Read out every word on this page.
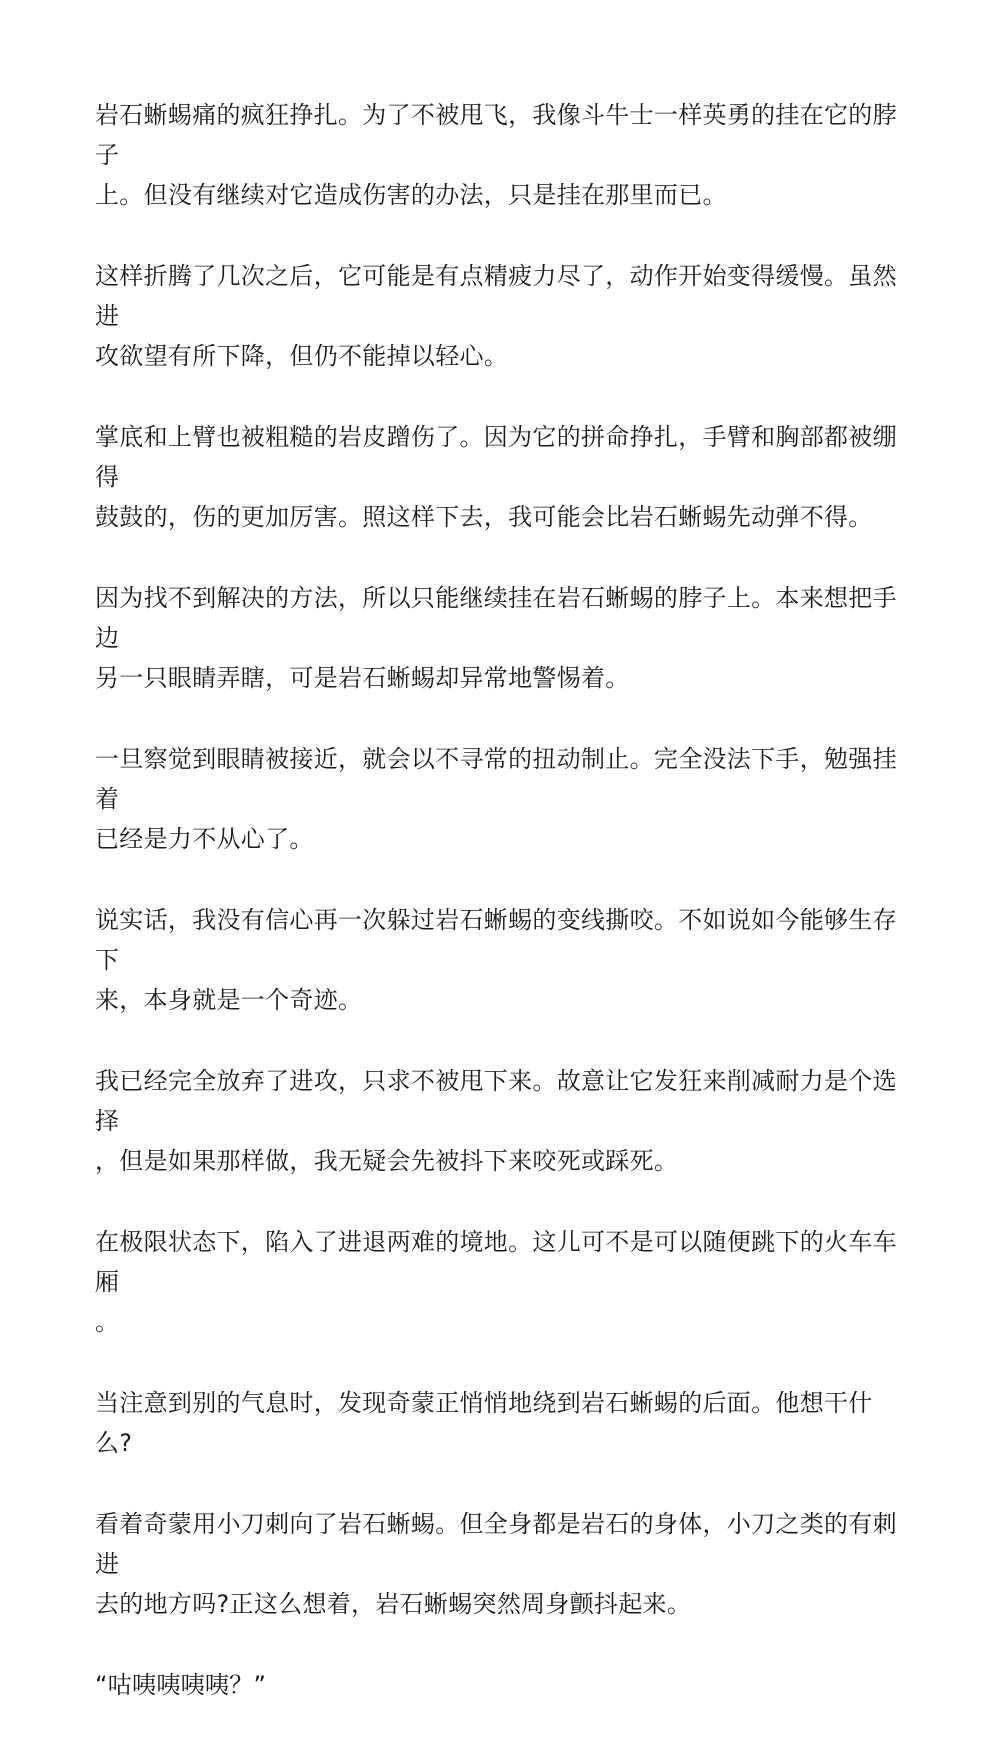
岩石蜥蜴痛的疯狂挣扎。为了不被甩飞，我像斗牛士一样英勇的挂在它的脖子
上。但没有继续对它造成伤害的办法，只是挂在那里而已。

这样折腾了几次之后，它可能是有点精疲力尽了，动作开始变得缓慢。虽然进
攻欲望有所下降，但仍不能掉以轻心。

掌底和上臂也被粗糙的岩皮蹭伤了。因为它的拼命挣扎，手臂和胸部都被绷得
鼓鼓的，伤的更加厉害。照这样下去，我可能会比岩石蜥蜴先动弹不得。

因为找不到解决的方法，所以只能继续挂在岩石蜥蜴的脖子上。本来想把手边
另一只眼睛弄瞎，可是岩石蜥蜴却异常地警惕着。

一旦察觉到眼睛被接近，就会以不寻常的扭动制止。完全没法下手，勉强挂着
已经是力不从心了。

说实话，我没有信心再一次躲过岩石蜥蜴的变线撕咬。不如说如今能够生存下
来，本身就是一个奇迹。

我已经完全放弃了进攻，只求不被甩下来。故意让它发狂来削减耐力是个选择
，但是如果那样做，我无疑会先被抖下来咬死或踩死。

在极限状态下，陷入了进退两难的境地。这儿可不是可以随便跳下的火车车厢
。

当注意到别的气息时，发现奇蒙正悄悄地绕到岩石蜥蜴的后面。他想干什么?

看着奇蒙用小刀刺向了岩石蜥蜴。但全身都是岩石的身体，小刀之类的有刺进
去的地方吗?正这么想着，岩石蜥蜴突然周身颤抖起来。

“咕咦咦咦咦？”
